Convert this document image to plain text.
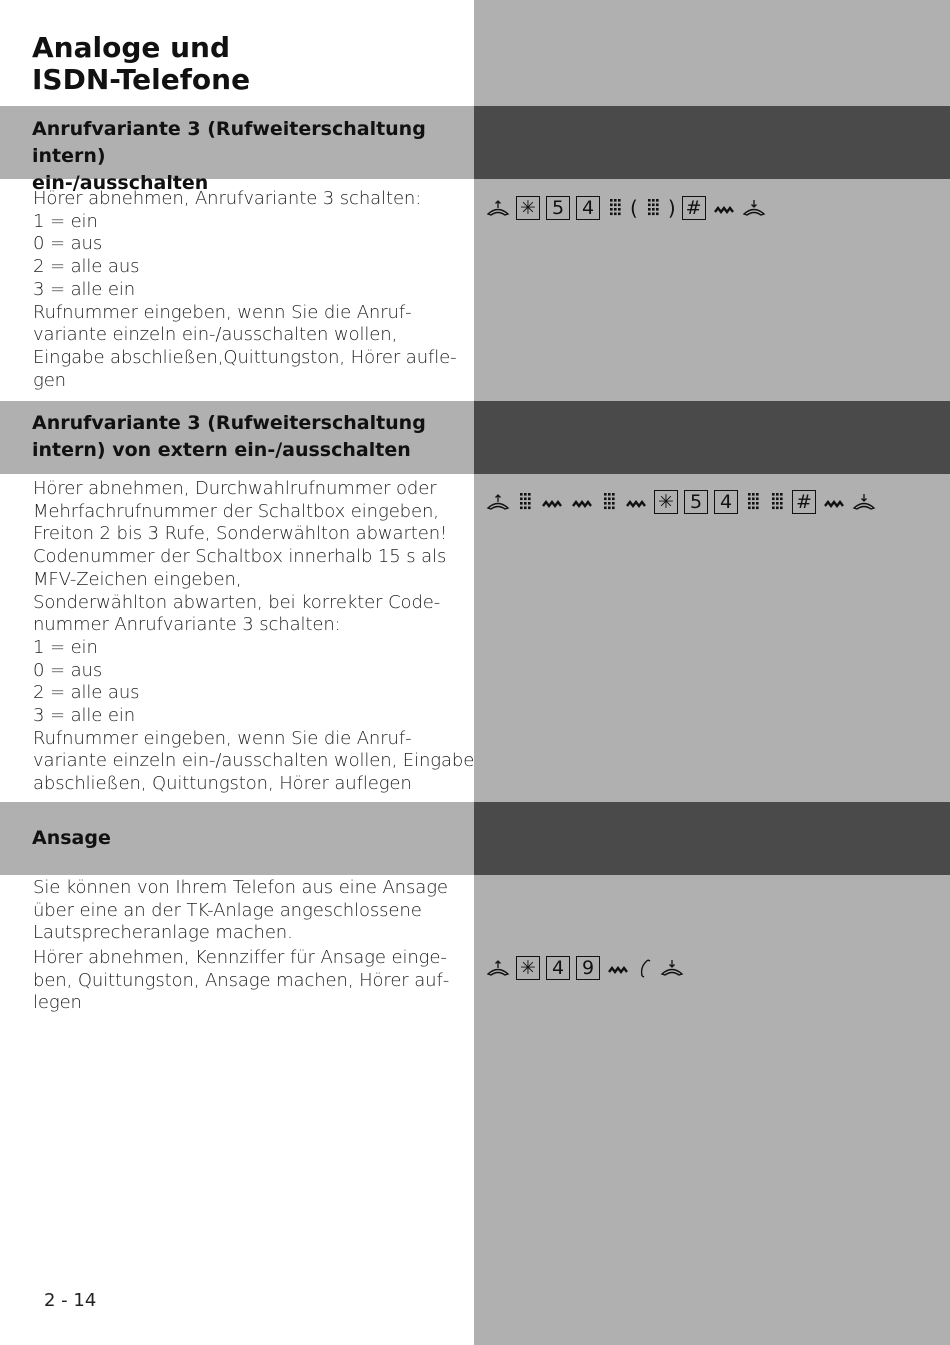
Analoge und
ISDN-Telefone
Anrufvariante 3 (Rufweiterschaltung intern)
ein-/ausschalten
Hörer abnehmen, Anrufvariante 3 schalten:
1 = ein
0 = aus
2 = alle aus
3 = alle ein
Rufnummer eingeben, wenn Sie die Anruf-
variante einzeln ein-/ausschalten wollen,
Eingabe abschließen,Quittungston, Hörer aufle-
gen
✳ 5 4 ( ) #
Anrufvariante 3 (Rufweiterschaltung
intern) von extern ein-/ausschalten
Hörer abnehmen, Durchwahlrufnummer oder
Mehrfachrufnummer der Schaltbox eingeben,
Freiton 2 bis 3 Rufe, Sonderwählton abwarten!
Codenummer der Schaltbox innerhalb 15 s als
MFV-Zeichen eingeben,
Sonderwählton abwarten, bei korrekter Code-
nummer Anrufvariante 3 schalten:
1 = ein
0 = aus
2 = alle aus
3 = alle ein
Rufnummer eingeben, wenn Sie die Anruf-
variante einzeln ein-/ausschalten wollen, Eingabe
abschließen, Quittungston, Hörer auflegen
✳ 5 4	#
Ansage
Sie können von Ihrem Telefon aus eine Ansage
über eine an der TK-Anlage angeschlossene
Lautsprecheranlage machen.
Hörer abnehmen, Kennziffer für Ansage einge-
ben, Quittungston, Ansage machen, Hörer auf-
legen
✳ 4 9
2 - 14
